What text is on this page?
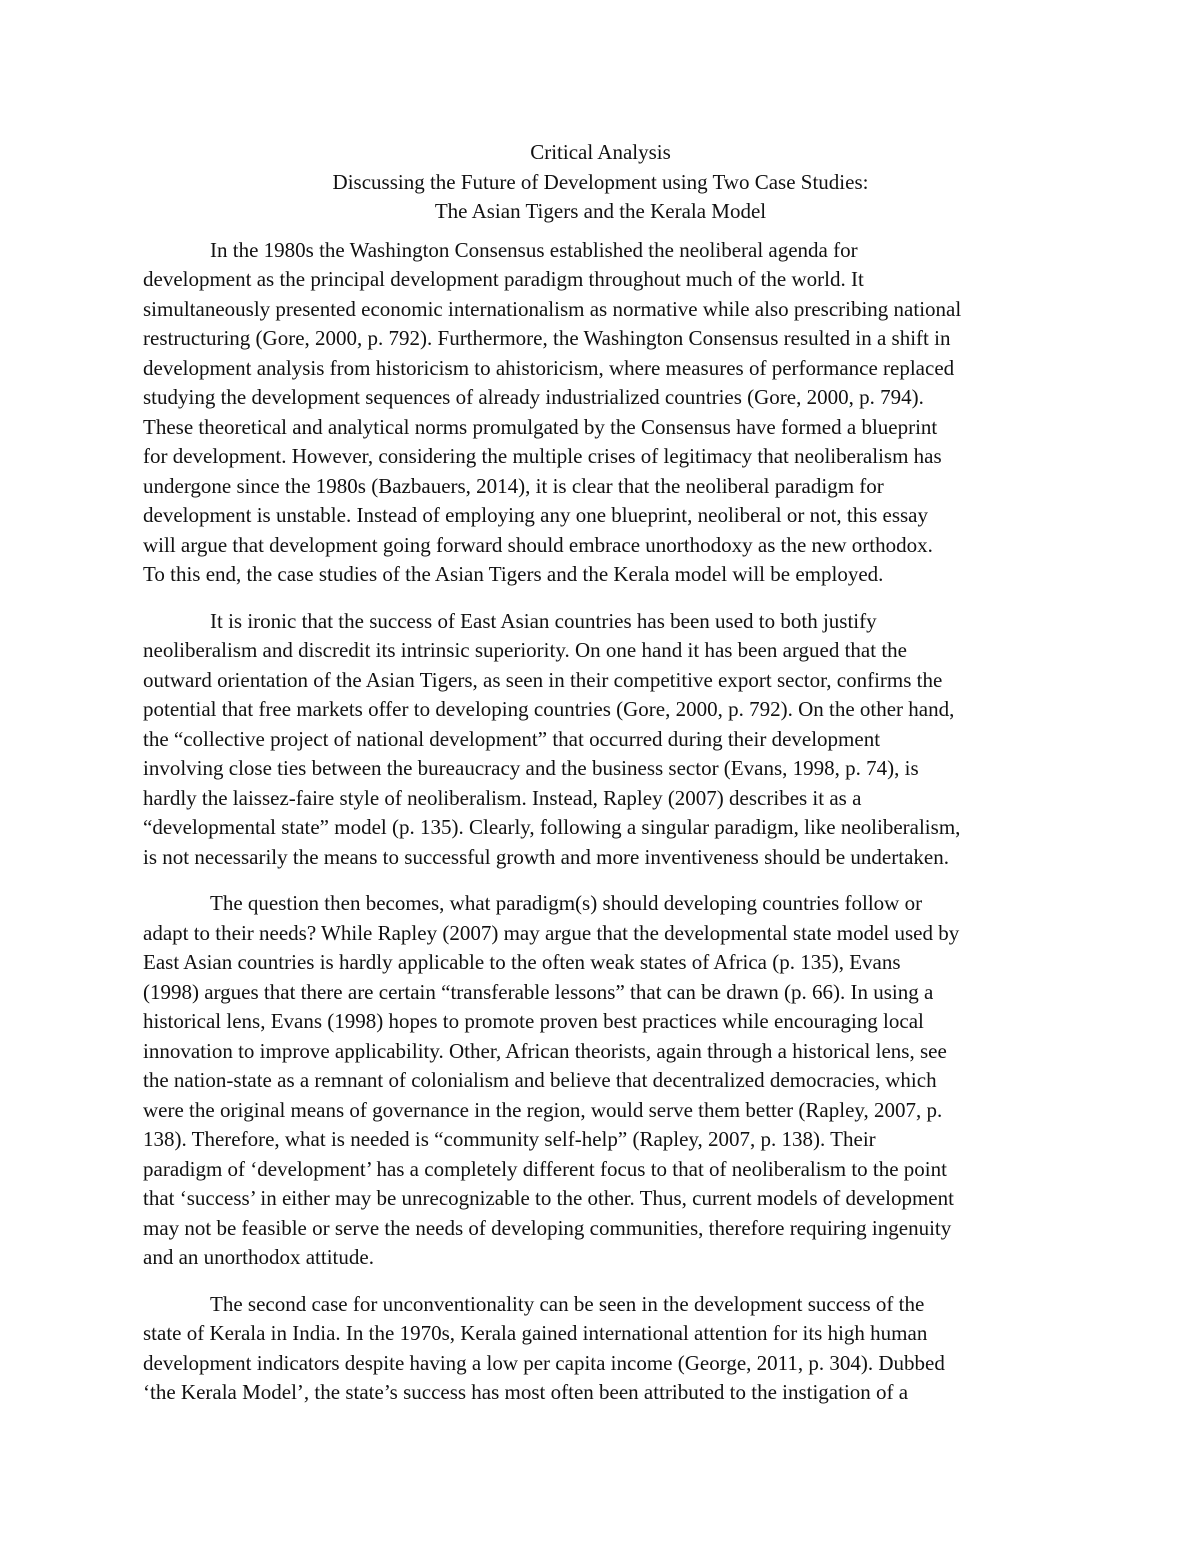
Critical Analysis
Discussing the Future of Development using Two Case Studies:
The Asian Tigers and the Kerala Model

In the 1980s the Washington Consensus established the neoliberal agenda for
development as the principal development paradigm throughout much of the world. It
simultaneously presented economic internationalism as normative while also prescribing national
restructuring (Gore, 2000, p. 792). Furthermore, the Washington Consensus resulted in a shift in
development analysis from historicism to ahistoricism, where measures of performance replaced
studying the development sequences of already industrialized countries (Gore, 2000, p. 794).
These theoretical and analytical norms promulgated by the Consensus have formed a blueprint
for development. However, considering the multiple crises of legitimacy that neoliberalism has
undergone since the 1980s (Bazbauers, 2014), it is clear that the neoliberal paradigm for
development is unstable. Instead of employing any one blueprint, neoliberal or not, this essay
will argue that development going forward should embrace unorthodoxy as the new orthodox.
To this end, the case studies of the Asian Tigers and the Kerala model will be employed.

It is ironic that the success of East Asian countries has been used to both justify
neoliberalism and discredit its intrinsic superiority. On one hand it has been argued that the
outward orientation of the Asian Tigers, as seen in their competitive export sector, confirms the
potential that free markets offer to developing countries (Gore, 2000, p. 792). On the other hand,
the “collective project of national development” that occurred during their development
involving close ties between the bureaucracy and the business sector (Evans, 1998, p. 74), is
hardly the laissez-faire style of neoliberalism. Instead, Rapley (2007) describes it as a
“developmental state” model (p. 135). Clearly, following a singular paradigm, like neoliberalism,
is not necessarily the means to successful growth and more inventiveness should be undertaken.

The question then becomes, what paradigm(s) should developing countries follow or
adapt to their needs? While Rapley (2007) may argue that the developmental state model used by
East Asian countries is hardly applicable to the often weak states of Africa (p. 135), Evans
(1998) argues that there are certain “transferable lessons” that can be drawn (p. 66). In using a
historical lens, Evans (1998) hopes to promote proven best practices while encouraging local
innovation to improve applicability. Other, African theorists, again through a historical lens, see
the nation-state as a remnant of colonialism and believe that decentralized democracies, which
were the original means of governance in the region, would serve them better (Rapley, 2007, p.
138). Therefore, what is needed is “community self-help” (Rapley, 2007, p. 138). Their
paradigm of ‘development’ has a completely different focus to that of neoliberalism to the point
that ‘success’ in either may be unrecognizable to the other. Thus, current models of development
may not be feasible or serve the needs of developing communities, therefore requiring ingenuity
and an unorthodox attitude.

The second case for unconventionality can be seen in the development success of the
state of Kerala in India. In the 1970s, Kerala gained international attention for its high human
development indicators despite having a low per capita income (George, 2011, p. 304). Dubbed
‘the Kerala Model’, the state’s success has most often been attributed to the instigation of a
